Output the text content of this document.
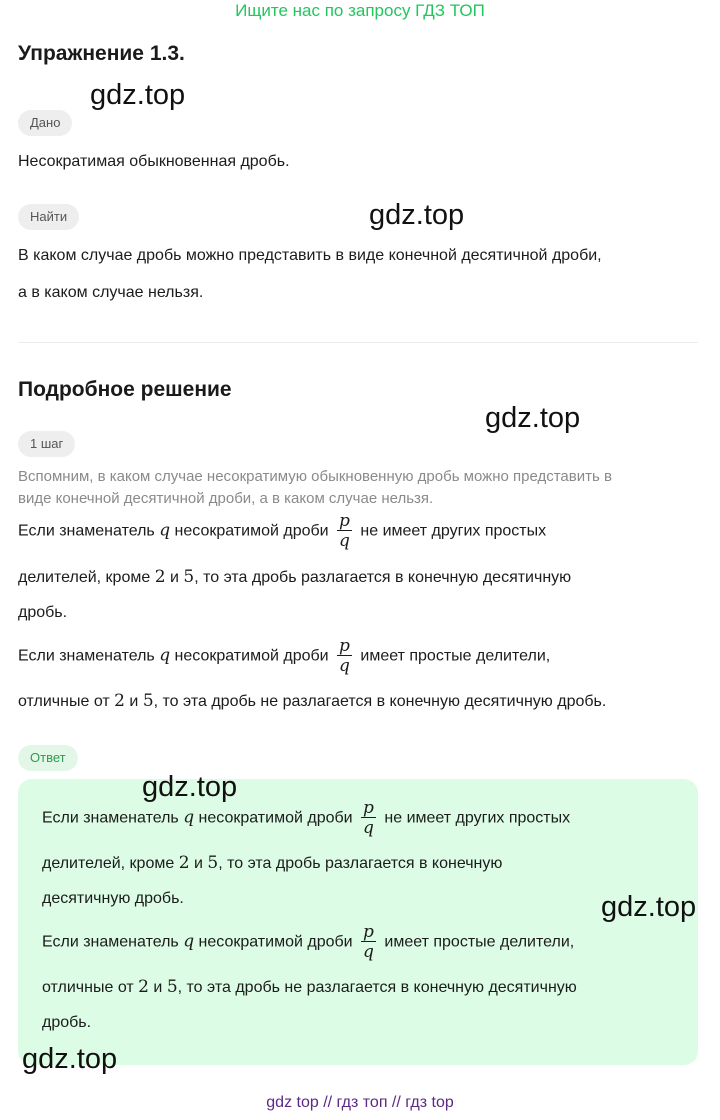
Ищите нас по запросу ГДЗ ТОП
Упражнение 1.3.
Дано
Несократимая обыкновенная дробь.
Найти
В каком случае дробь можно представить в виде конечной десятичной дроби,
а в каком случае нельзя.
Подробное решение
1 шаг
Вспомним, в каком случае несократимую обыкновенную дробь можно представить в
виде конечной десятичной дроби, а в каком случае нельзя.
Если знаменатель q несократимой дроби $\frac{p}{q}$ не имеет других простых
делителей, кроме 2 и 5, то эта дробь разлагается в конечную десятичную
дробь.
Если знаменатель q несократимой дроби $\frac{p}{q}$ имеет простые делители,
отличные от 2 и 5, то эта дробь не разлагается в конечную десятичную дробь.
Ответ
Если знаменатель q несократимой дроби $\frac{p}{q}$ не имеет других простых
делителей, кроме 2 и 5, то эта дробь разлагается в конечную
десятичную дробь.
Если знаменатель q несократимой дроби $\frac{p}{q}$ имеет простые делители,
отличные от 2 и 5, то эта дробь не разлагается в конечную десятичную
дробь.
gdz.top
gdz.top
gdz.top
gdz.top
gdz.top
gdz.top
gdz top // гдз топ // гдз top
